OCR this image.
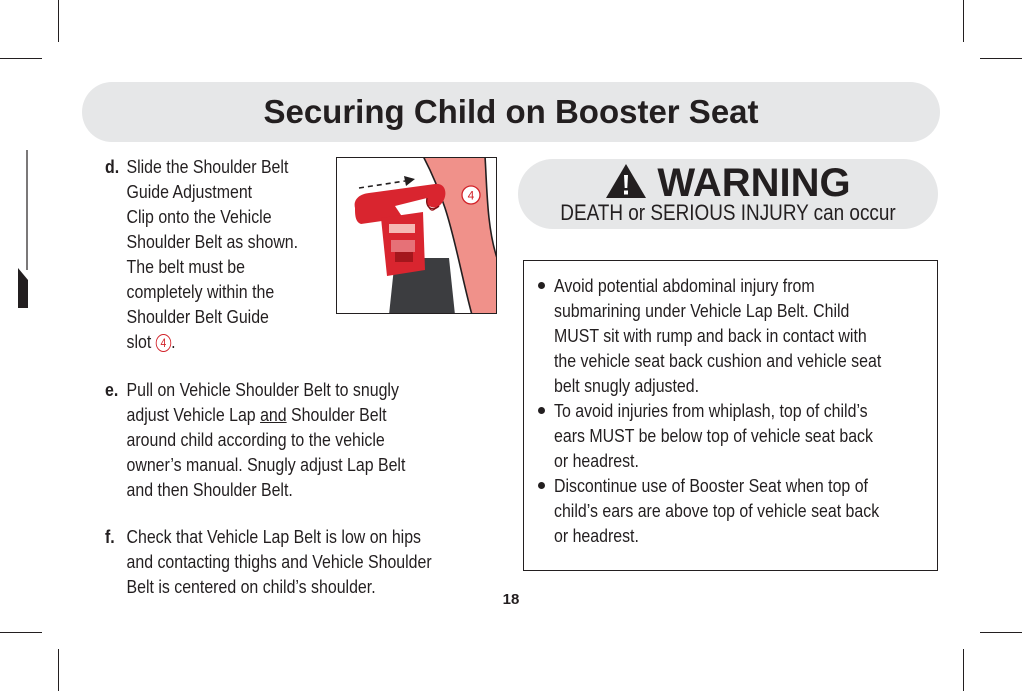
Securing Child on Booster Seat
d. Slide the Shoulder Belt
Guide Adjustment
Clip onto the Vehicle
Shoulder Belt as shown.
The belt must be
completely within the
Shoulder Belt Guide
slot 4 .
4
e. Pull on Vehicle Shoulder Belt to snugly
adjust Vehicle Lap and Shoulder Belt
around child according to the vehicle
owner’s manual. Snugly adjust Lap Belt
and then Shoulder Belt.
f. Check that Vehicle Lap Belt is low on hips
and contacting thighs and Vehicle Shoulder
Belt is centered on child’s shoulder.
WARNING
DEATH or SERIOUS INJURY can occur
Avoid potential abdominal injury from
submarining under Vehicle Lap Belt. Child
MUST sit with rump and back in contact with
the vehicle seat back cushion and vehicle seat
belt snugly adjusted.
To avoid injuries from whiplash, top of child’s
ears MUST be below top of vehicle seat back
or headrest.
Discontinue use of Booster Seat when top of
child’s ears are above top of vehicle seat back
or headrest.
18
